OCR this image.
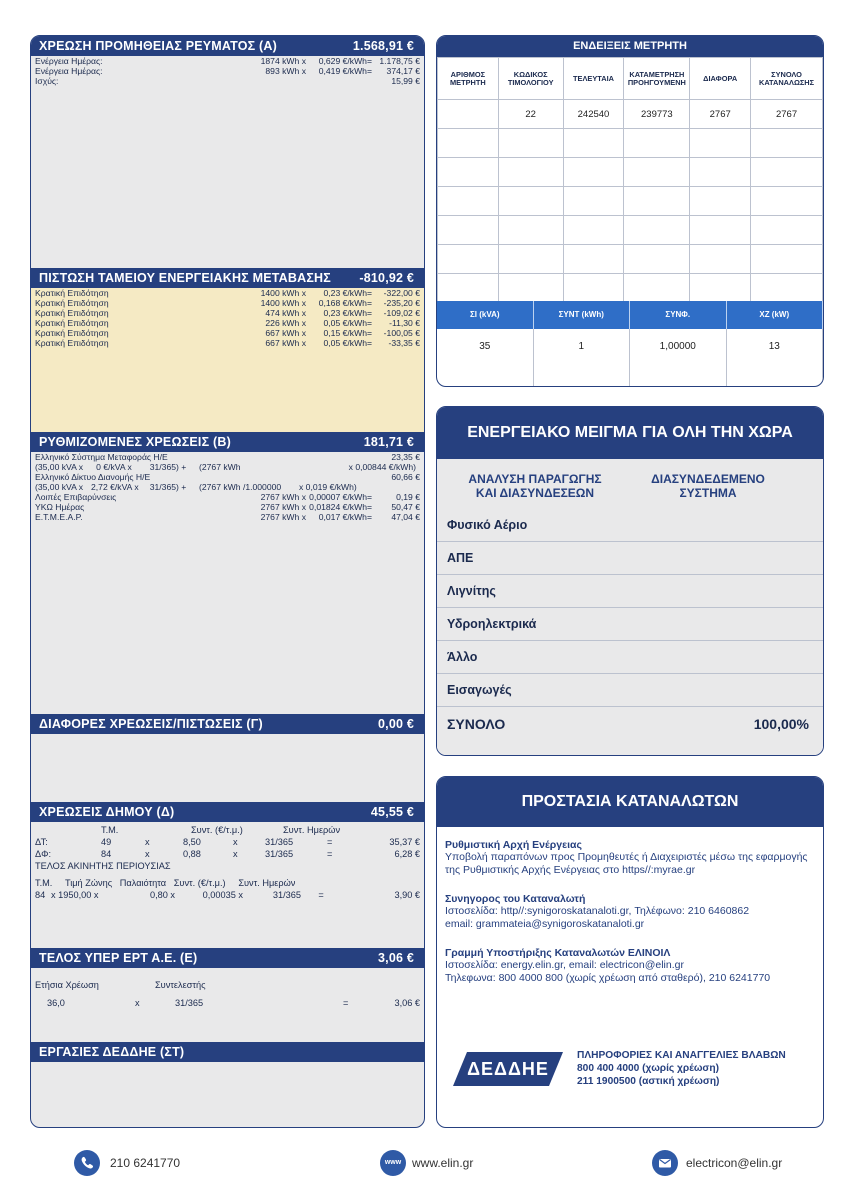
ΧΡΕΩΣΗ ΠΡΟΜΗΘΕΙΑΣ ΡΕΥΜΑΤΟΣ (Α)	1.568,91 €
Ενέργεια Ημέρας:	1874 kWh x	0,629 €/kWh= 1.178,75 €
Ενέργεια Ημέρας:	893 kWh x	0,419 €/kWh=	374,17 €
Ισχύς:	15,99 €
ΠΙΣΤΩΣΗ ΤΑΜΕΙΟΥ ΕΝΕΡΓΕΙΑΚΗΣ ΜΕΤΑΒΑΣΗΣ -810,92 €
Κρατική Επιδότηση	1400 kWh x	0,23 €/kWh=	-322,00 €
Κρατική Επιδότηση	1400 kWh x	0,168 €/kWh=	-235,20 €
Κρατική Επιδότηση	474 kWh x	0,23 €/kWh=	-109,02 €
Κρατική Επιδότηση	226 kWh x	0,05 €/kWh=	-11,30 €
Κρατική Επιδότηση	667 kWh x	0,15 €/kWh=	-100,05 €
Κρατική Επιδότηση	667 kWh x	0,05 €/kWh=	-33,35 €
ΡΥΘΜΙΖΟΜΕΝΕΣ ΧΡΕΩΣΕΙΣ (Β)	181,71 €
Ελληνικό Σύστημα Μεταφοράς Η/Ε	23,35 €
(35,00 kVA x	0 €/kVA x	31/365) +	(2767 kWh	x 0,00844 €/kWh)
Ελληνικό Δίκτυο Διανομής Η/Ε	60,66 €
(35,00 kVA x 2,72 €/kVA x	31/365) +	(2767 kWh /1.000000	x 0,019 €/kWh)
Λοιπές Επιβαρύνσεις	2767 kWh x 0,00007 €/kWh=	0,19 €
ΥΚΩ Ημέρας	2767 kWh x 0,01824 €/kWh=	50,47 €
Ε.Τ.Μ.Ε.Α.Ρ.	2767 kWh x	0,017 €/kWh=	47,04 €
ΔΙΑΦΟΡΕΣ ΧΡΕΩΣΕΙΣ/ΠΙΣΤΩΣΕΙΣ (Γ)	0,00 €
ΧΡΕΩΣΕΙΣ ΔΗΜΟΥ (Δ)	45,55 €
Τ.Μ.	Συντ. (€/τ.μ.)	Συντ. Ημερών
ΔΤ:	49	x	8,50	x	31/365	=	35,37 €
ΔΦ:	84	x	0,88	x	31/365	=	6,28 €
ΤΕΛΟΣ ΑΚΙΝΗΤΗΣ ΠΕΡΙΟΥΣΙΑΣ
Τ.Μ.     Τιμή Ζώνης   Παλαιότητα   Συντ. (€/τ.μ.)     Συντ. Ημερών
84 x 1950,00 x	0,80 x	0,00035 x	31/365	=	3,90 €
ΤΕΛΟΣ ΥΠΕΡ ΕΡΤ Α.Ε. (Ε)	3,06 €
Ετήσια Χρέωση	Συντελεστής
36,0	x	31/365	=	3,06 €
ΕΡΓΑΣΙΕΣ ΔΕΔΔΗΕ (ΣΤ)
ΕΝΔΕΙΞΕΙΣ ΜΕΤΡΗΤΗ
ΑΡΙΘΜΟΣ ΜΕΤΡΗΤΗ	ΚΩΔΙΚΟΣ ΤΙΜΟΛΟΓΙΟΥ	ΤΕΛΕΥΤΑΙΑ	ΚΑΤΑΜΕΤΡΗΣΗ ΠΡΟΗΓΟΥΜΕΝΗ	ΔΙΑΦΟΡΑ	ΣΥΝΟΛΟ ΚΑΤΑΝΑΛΩΣΗΣ
	22	242540	239773	2767	2767

ΣΙ (kVA)	ΣΥΝΤ (kWh)	ΣΥΝΦ.	ΧΖ (kW)
35	1	1,00000	13
ΕΝΕΡΓΕΙΑΚΟ ΜΕΙΓΜΑ ΓΙΑ ΟΛΗ ΤΗΝ ΧΩΡΑ
ΑΝΑΛΥΣΗ ΠΑΡΑΓΩΓΗΣ
ΚΑΙ ΔΙΑΣΥΝΔΕΣΕΩΝ
ΔΙΑΣΥΝΔΕΔΕΜΕΝΟ
ΣΥΣΤΗΜΑ
Φυσικό Αέριο
ΑΠΕ
Λιγνίτης
Υδροηλεκτρικά
Άλλο
Εισαγωγές
ΣΥΝΟΛΟ	100,00%
ΠΡΟΣΤΑΣΙΑ ΚΑΤΑΝΑΛΩΤΩΝ
Ρυθμιστική Αρχή Ενέργειας
Υποβολή παραπόνων προς Προμηθευτές ή Διαχειριστές μέσω της εφαρμογής
της Ρυθμιστικής Αρχής Ενέργειας στο https//:myrae.gr
Συνηγορος του Καταναλωτή
Ιστοσελίδα: http//:synigoroskatanaloti.gr, Τηλέφωνο: 210 6460862
email: grammateia@synigoroskatanaloti.gr
Γραμμή Υποστήριξης Καταναλωτών ΕΛΙΝΟΙΛ
Ιστοσελίδα: energy.elin.gr, email: electricon@elin.gr
Τηλεφωνα: 800 4000 800 (χωρίς χρέωση από σταθερό), 210 6241770
ΔΕΔΔΗΕ
ΠΛΗΡΟΦΟΡΙΕΣ ΚΑΙ ΑΝΑΓΓΕΛΙΕΣ ΒΛΑΒΩΝ
800 400 4000 (χωρίς χρέωση)
211 1900500 (αστική χρέωση)
210 6241770	www www.elin.gr	electricon@elin.gr
